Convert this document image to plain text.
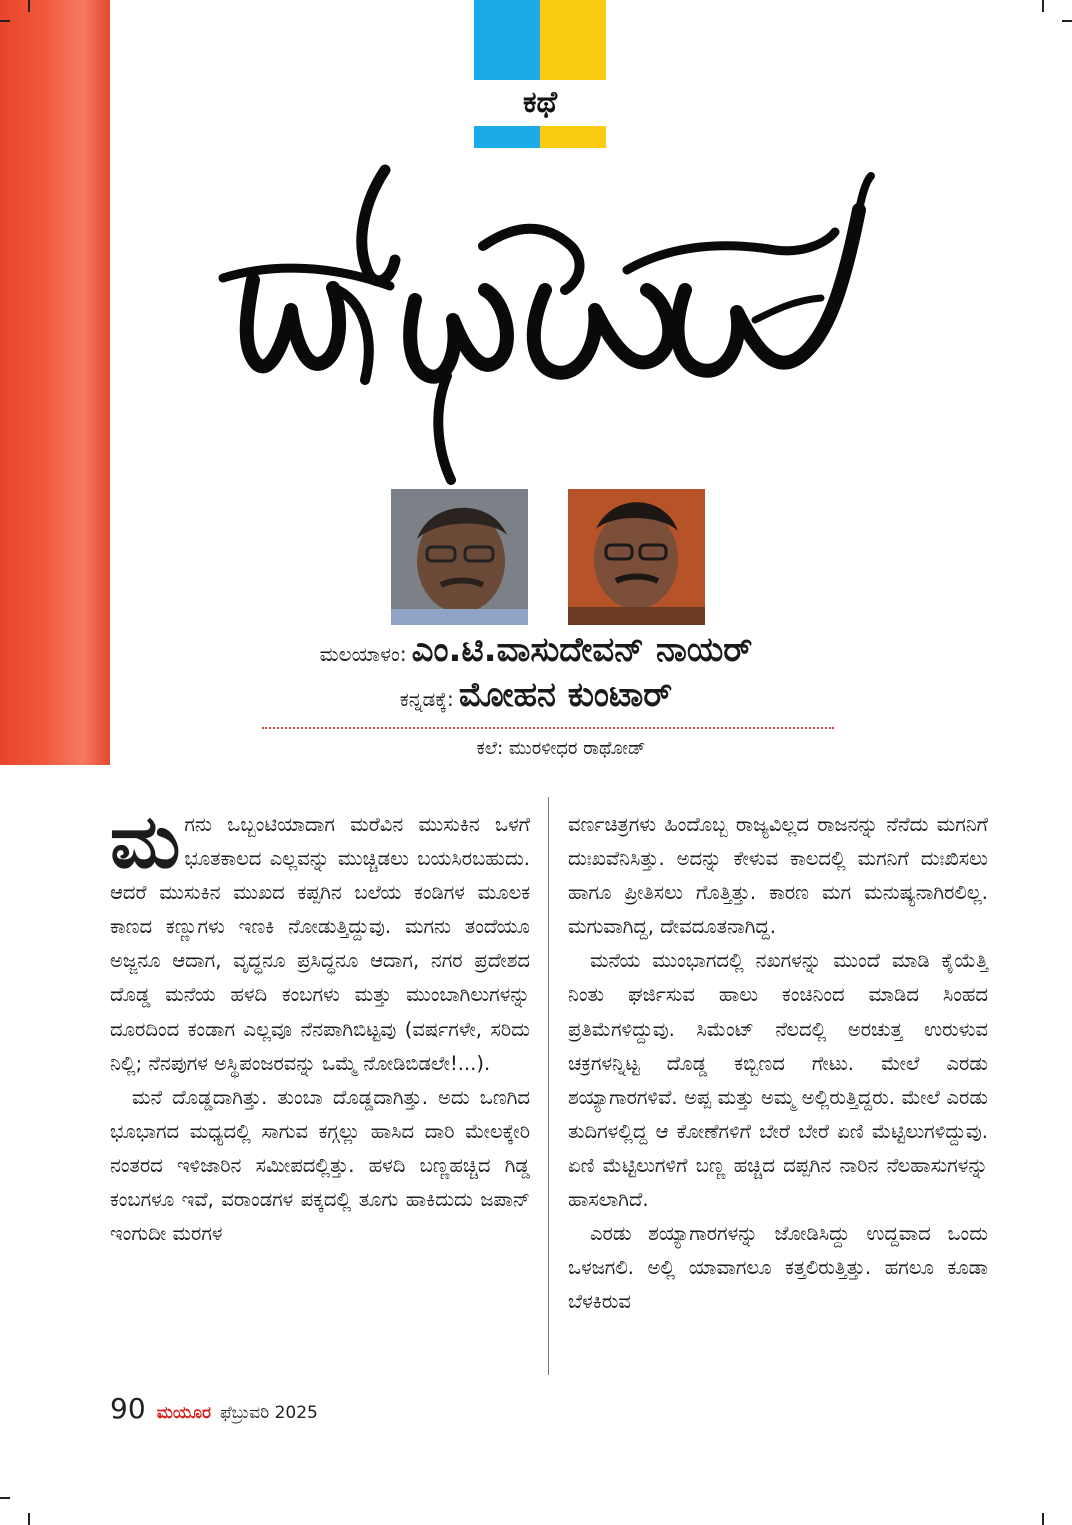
ಕಥೆ
ಮಲಯಾಳಂ: ಎಂ.ಟಿ.ವಾಸುದೇವನ್ ನಾಯರ್
ಕನ್ನಡಕ್ಕೆ: ಮೋಹನ ಕುಂಟಾರ್
ಕಲೆ: ಮುರಳೀಧರ ರಾಥೋಡ್

ಮಗನು ಒಬ್ಬಂಟಿಯಾದಾಗ ಮರೆವಿನ ಮುಸುಕಿನ ಒಳಗೆ ಭೂತಕಾಲದ ಎಲ್ಲವನ್ನು ಮುಚ್ಚಿಡಲು ಬಯಸಿರಬಹುದು. ಆದರೆ ಮುಸುಕಿನ ಮುಖದ ಕಪ್ಪಗಿನ ಬಲೆಯ ಕಂಡಿಗಳ ಮೂಲಕ ಕಾಣದ ಕಣ್ಣುಗಳು ಇಣಕಿ ನೋಡುತ್ತಿದ್ದುವು. ಮಗನು ತಂದೆಯೂ ಅಜ್ಜನೂ ಆದಾಗ, ವೃದ್ಧನೂ ಪ್ರಸಿದ್ಧನೂ ಆದಾಗ, ನಗರ ಪ್ರದೇಶದ ದೊಡ್ಡ ಮನೆಯ ಹಳದಿ ಕಂಬಗಳು ಮತ್ತು ಮುಂಬಾಗಿಲುಗಳನ್ನು ದೂರದಿಂದ ಕಂಡಾಗ ಎಲ್ಲವೂ ನೆನಪಾಗಿಬಿಟ್ಟವು (ವರ್ಷಗಳೇ, ಸರಿದು ನಿಲ್ಲಿ; ನೆನಪುಗಳ ಅಸ್ಥಿಪಂಜರವನ್ನು ಒಮ್ಮೆ ನೋಡಿಬಿಡಲೇ!...).

ಮನೆ ದೊಡ್ಡದಾಗಿತ್ತು. ತುಂಬಾ ದೊಡ್ಡದಾಗಿತ್ತು. ಅದು ಒಣಗಿದ ಭೂಭಾಗದ ಮಧ್ಯದಲ್ಲಿ ಸಾಗುವ ಕಗ್ಗಲ್ಲು ಹಾಸಿದ ದಾರಿ ಮೇಲಕ್ಕೇರಿ ನಂತರದ ಇಳಿಜಾರಿನ ಸಮೀಪದಲ್ಲಿತ್ತು. ಹಳದಿ ಬಣ್ಣಹಚ್ಚಿದ ಗಿಡ್ಡ ಕಂಬಗಳೂ ಇವೆ, ವರಾಂಡಗಳ ಪಕ್ಕದಲ್ಲಿ ತೂಗು ಹಾಕಿದುದು ಜಪಾನ್ ಇಂಗುದೀ ಮರಗಳ

ವರ್ಣಚಿತ್ರಗಳು ಹಿಂದೊಬ್ಬ ರಾಜ್ಯವಿಲ್ಲದ ರಾಜನನ್ನು ನೆನೆದು ಮಗನಿಗೆ ದುಃಖವೆನಿಸಿತ್ತು. ಅದನ್ನು ಕೇಳುವ ಕಾಲದಲ್ಲಿ ಮಗನಿಗೆ ದುಃಖಿಸಲು ಹಾಗೂ ಪ್ರೀತಿಸಲು ಗೊತ್ತಿತ್ತು. ಕಾರಣ ಮಗ ಮನುಷ್ಯನಾಗಿರಲಿಲ್ಲ. ಮಗುವಾಗಿದ್ದ, ದೇವದೂತನಾಗಿದ್ದ.

ಮನೆಯ ಮುಂಭಾಗದಲ್ಲಿ ನಖಗಳನ್ನು ಮುಂದೆ ಮಾಡಿ ಕೈಯೆತ್ತಿ ನಿಂತು ಘರ್ಜಿಸುವ ಹಾಲು ಕಂಚಿನಿಂದ ಮಾಡಿದ ಸಿಂಹದ ಪ್ರತಿಮೆಗಳಿದ್ದುವು. ಸಿಮೆಂಟ್ ನೆಲದಲ್ಲಿ ಅರಚುತ್ತ ಉರುಳುವ ಚಕ್ರಗಳನ್ನಿಟ್ಟ ದೊಡ್ಡ ಕಬ್ಬಿಣದ ಗೇಟು. ಮೇಲೆ ಎರಡು ಶಯ್ಯಾಗಾರಗಳಿವೆ. ಅಪ್ಪ ಮತ್ತು ಅಮ್ಮ ಅಲ್ಲಿರುತ್ತಿದ್ದರು. ಮೇಲೆ ಎರಡು ತುದಿಗಳಲ್ಲಿದ್ದ ಆ ಕೋಣೆಗಳಿಗೆ ಬೇರೆ ಬೇರೆ ಏಣಿ ಮೆಟ್ಟಿಲುಗಳಿದ್ದುವು. ಏಣಿ ಮೆಟ್ಟಿಲುಗಳಿಗೆ ಬಣ್ಣ ಹಚ್ಚಿದ ದಪ್ಪಗಿನ ನಾರಿನ ನೆಲಹಾಸುಗಳನ್ನು ಹಾಸಲಾಗಿದೆ.

ಎರಡು ಶಯ್ಯಾಗಾರಗಳನ್ನು ಜೋಡಿಸಿದ್ದು ಉದ್ದವಾದ ಒಂದು ಒಳಜಗಲಿ. ಅಲ್ಲಿ ಯಾವಾಗಲೂ ಕತ್ತಲಿರುತ್ತಿತ್ತು. ಹಗಲೂ ಕೂಡಾ ಬೆಳಕಿರುವ

90 ಮಯೂರ ಫೆಬ್ರುವರಿ 2025
